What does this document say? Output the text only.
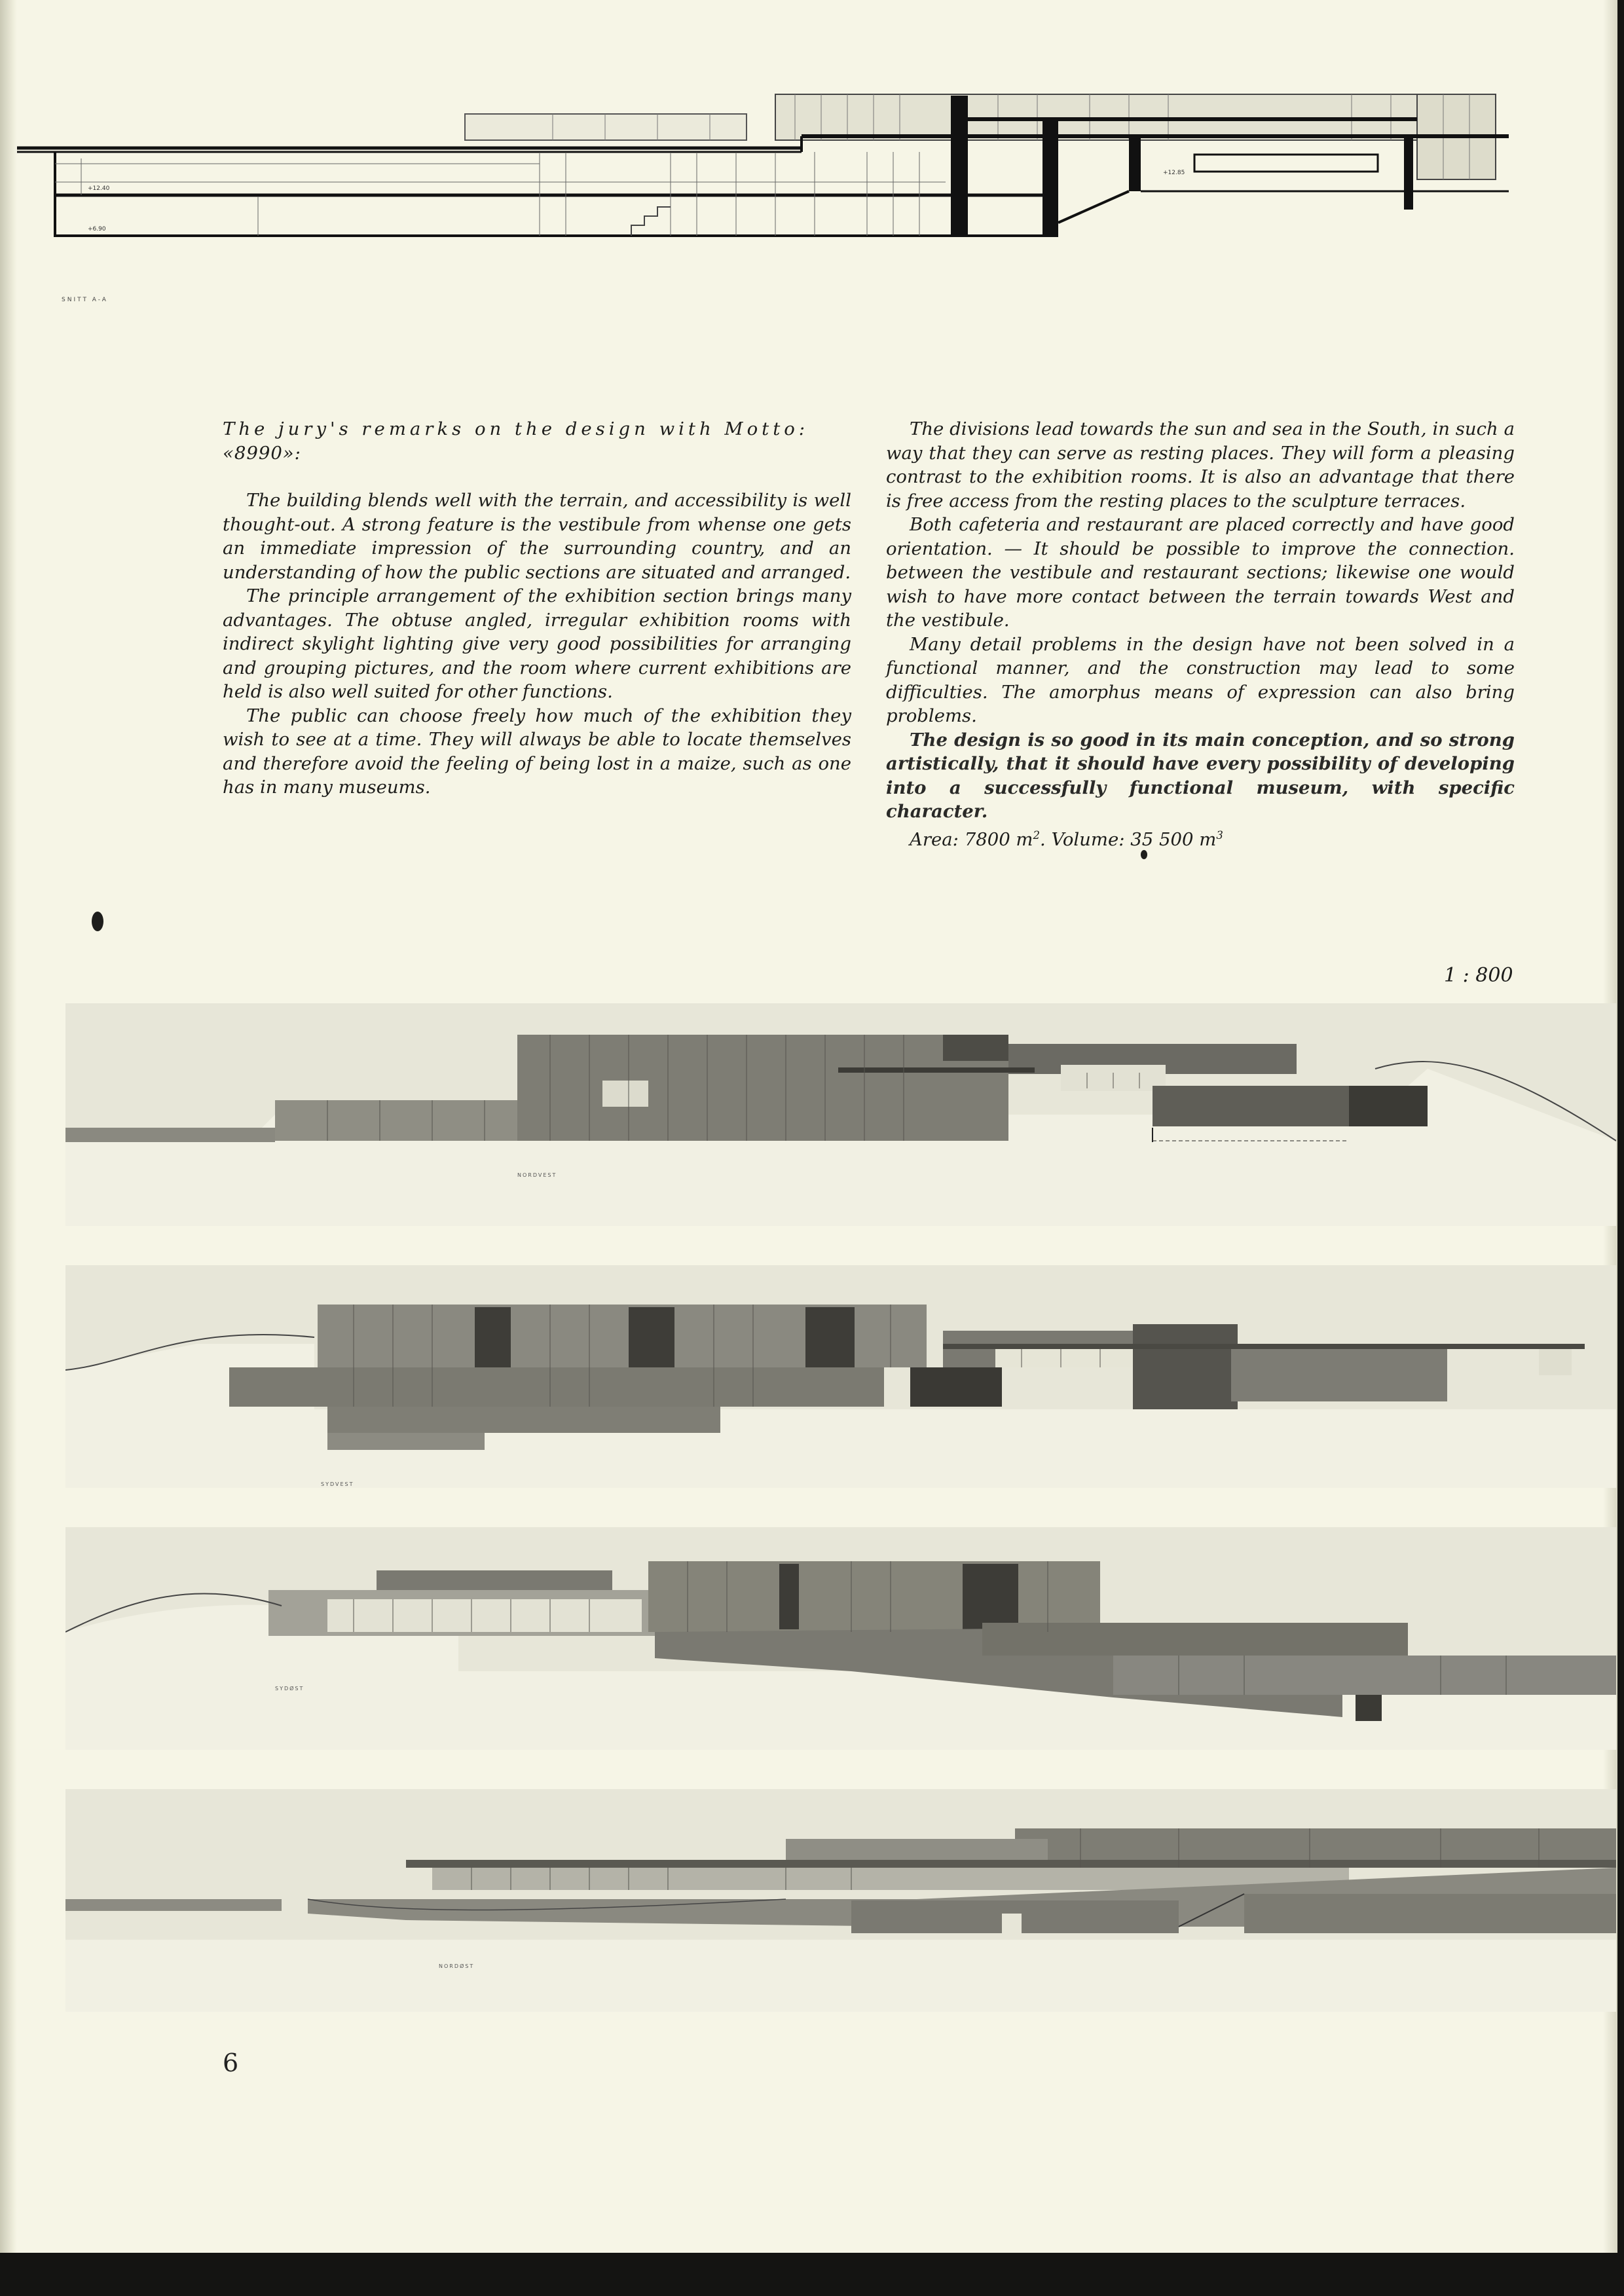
+12.40
+6.90
+12.85
SNITT A-A

The jury's remarks on the design with Motto:
«8990»:

The building blends well with the terrain, and accessibility is well thought-out. A strong feature is the vestibule from whense one gets an immediate impression of the surrounding country, and an understanding of how the public sections are situated and arranged.

The principle arrangement of the exhibition section brings many advantages. The obtuse angled, irregular exhibition rooms with indirect skylight lighting give very good possibilities for arranging and grouping pictures, and the room where current exhibitions are held is also well suited for other functions.

The public can choose freely how much of the exhibition they wish to see at a time. They will always be able to locate themselves and therefore avoid the feeling of being lost in a maize, such as one has in many museums.

The divisions lead towards the sun and sea in the South, in such a way that they can serve as resting places. They will form a pleasing contrast to the exhibition rooms. It is also an advantage that there is free access from the resting places to the sculpture terraces.

Both cafeteria and restaurant are placed correctly and have good orientation. — It should be possible to improve the connection. between the vestibule and restaurant sections; likewise one would wish to have more contact between the terrain towards West and the vestibule.

Many detail problems in the design have not been solved in a functional manner, and the construction may lead to some difficulties. The amorphus means of expression can also bring problems.

The design is so good in its main conception, and so strong artistically, that it should have every possibility of developing into a successfully functional museum, with specific character.

Area: 7800 $m^2$. Volume: 35 500 $m^3$

1 : 800
NORDVEST
SYDVEST
SYDØST
NORDØST
6
